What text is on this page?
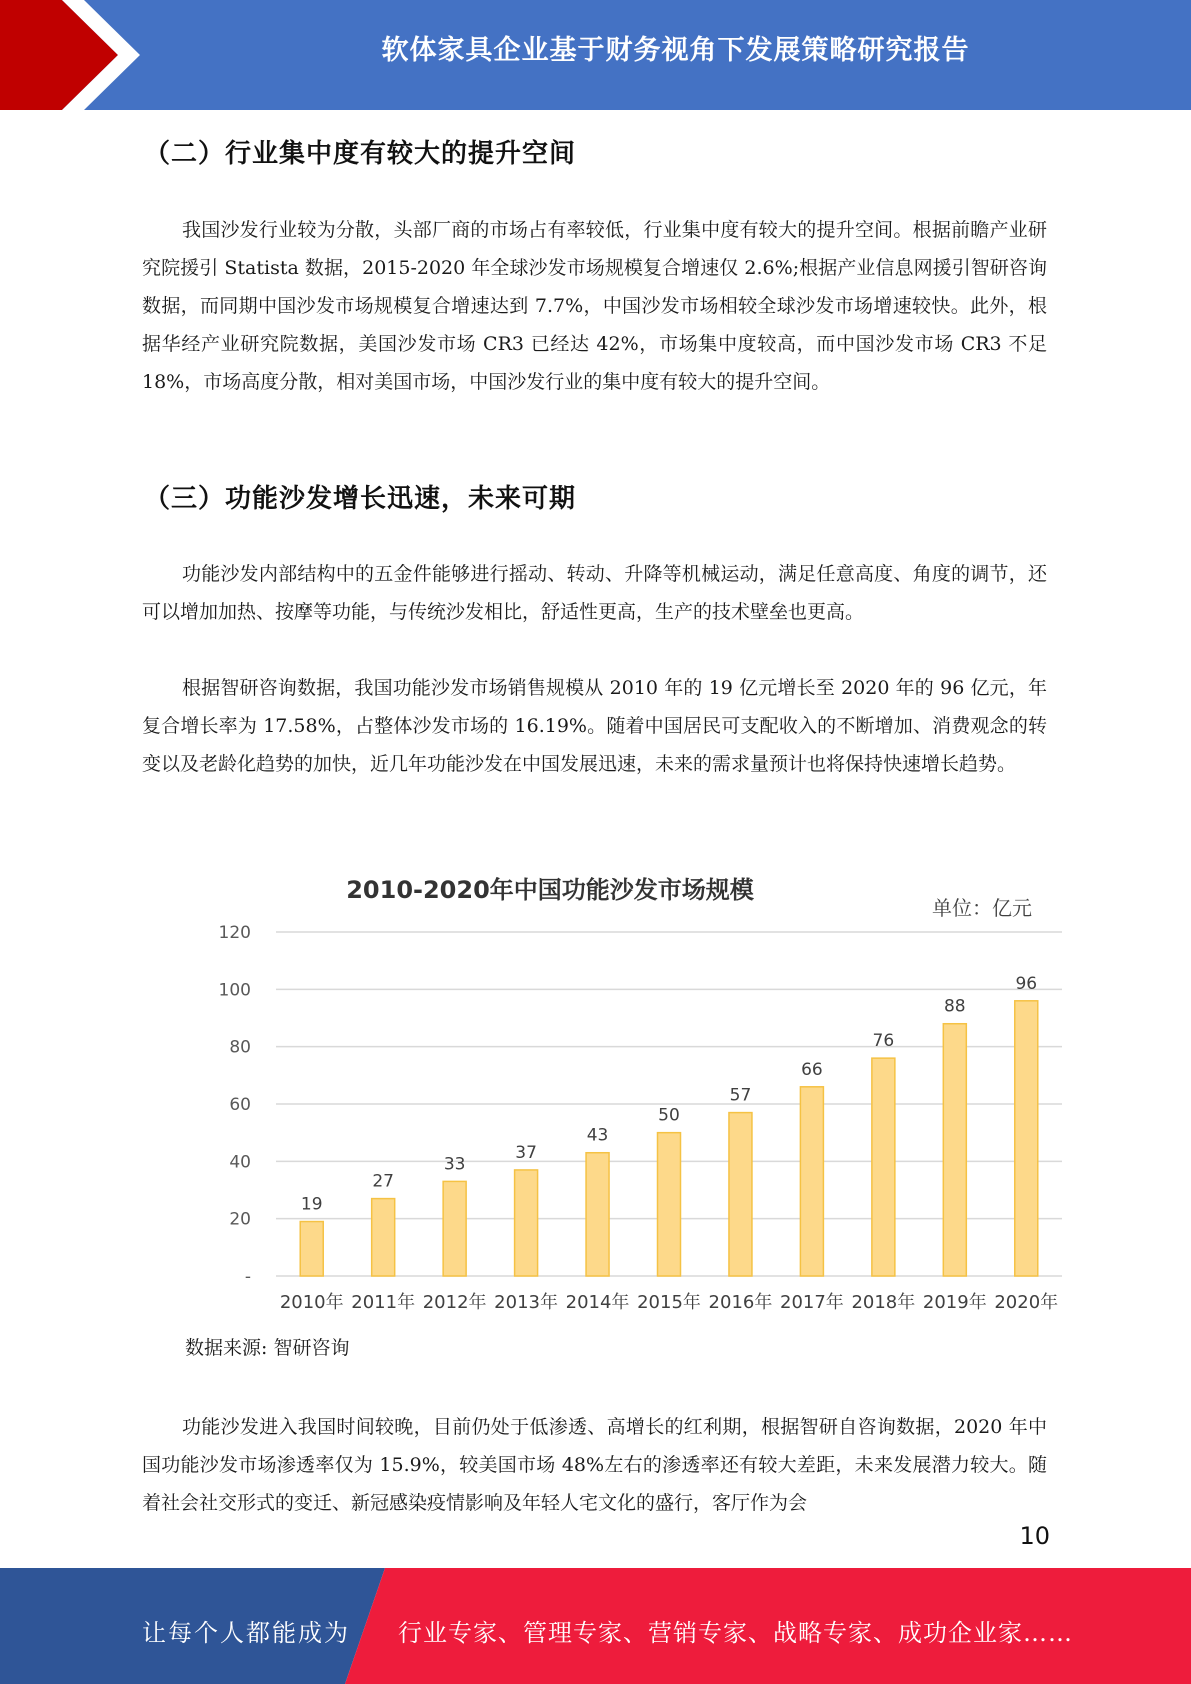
软体家具企业基于财务视角下发展策略研究报告
（二）行业集中度有较大的提升空间

我国沙发行业较为分散，头部厂商的市场占有率较低，行业集中度有较大的提升空间。根据前瞻产业研究院援引 Statista 数据，2015-2020 年全球沙发市场规模复合增速仅 2.6%;根据产业信息网援引智研咨询数据，而同期中国沙发市场规模复合增速达到 7.7%，中国沙发市场相较全球沙发市场增速较快。此外，根据华经产业研究院数据，美国沙发市场 CR3 已经达 42%，市场集中度较高，而中国沙发市场 CR3 不足 18%，市场高度分散，相对美国市场，中国沙发行业的集中度有较大的提升空间。

（三）功能沙发增长迅速，未来可期

功能沙发内部结构中的五金件能够进行摇动、转动、升降等机械运动，满足任意高度、角度的调节，还可以增加加热、按摩等功能，与传统沙发相比，舒适性更高，生产的技术壁垒也更高。

根据智研咨询数据，我国功能沙发市场销售规模从 2010 年的 19 亿元增长至 2020 年的 96 亿元，年复合增长率为 17.58%，占整体沙发市场的 16.19%。随着中国居民可支配收入的不断增加、消费观念的转变以及老龄化趋势的加快，近几年功能沙发在中国发展迅速，未来的需求量预计也将保持快速增长趋势。

2010-2020年中国功能沙发市场规模
单位：亿元
-
20
40
60
80
100
120
19
2010年
27
2011年
33
2012年
37
2013年
43
2014年
50
2015年
57
2016年
66
2017年
76
2018年
88
2019年
96
2020年
数据来源: 智研咨询

功能沙发进入我国时间较晚，目前仍处于低渗透、高增长的红利期，根据智研自咨询数据，2020 年中国功能沙发市场渗透率仅为 15.9%，较美国市场 48%左右的渗透率还有较大差距，未来发展潜力较大。随着社会社交形式的变迁、新冠感染疫情影响及年轻人宅文化的盛行，客厅作为会

10
让每个人都能成为 行业专家、管理专家、营销专家、战略专家、成功企业家……
